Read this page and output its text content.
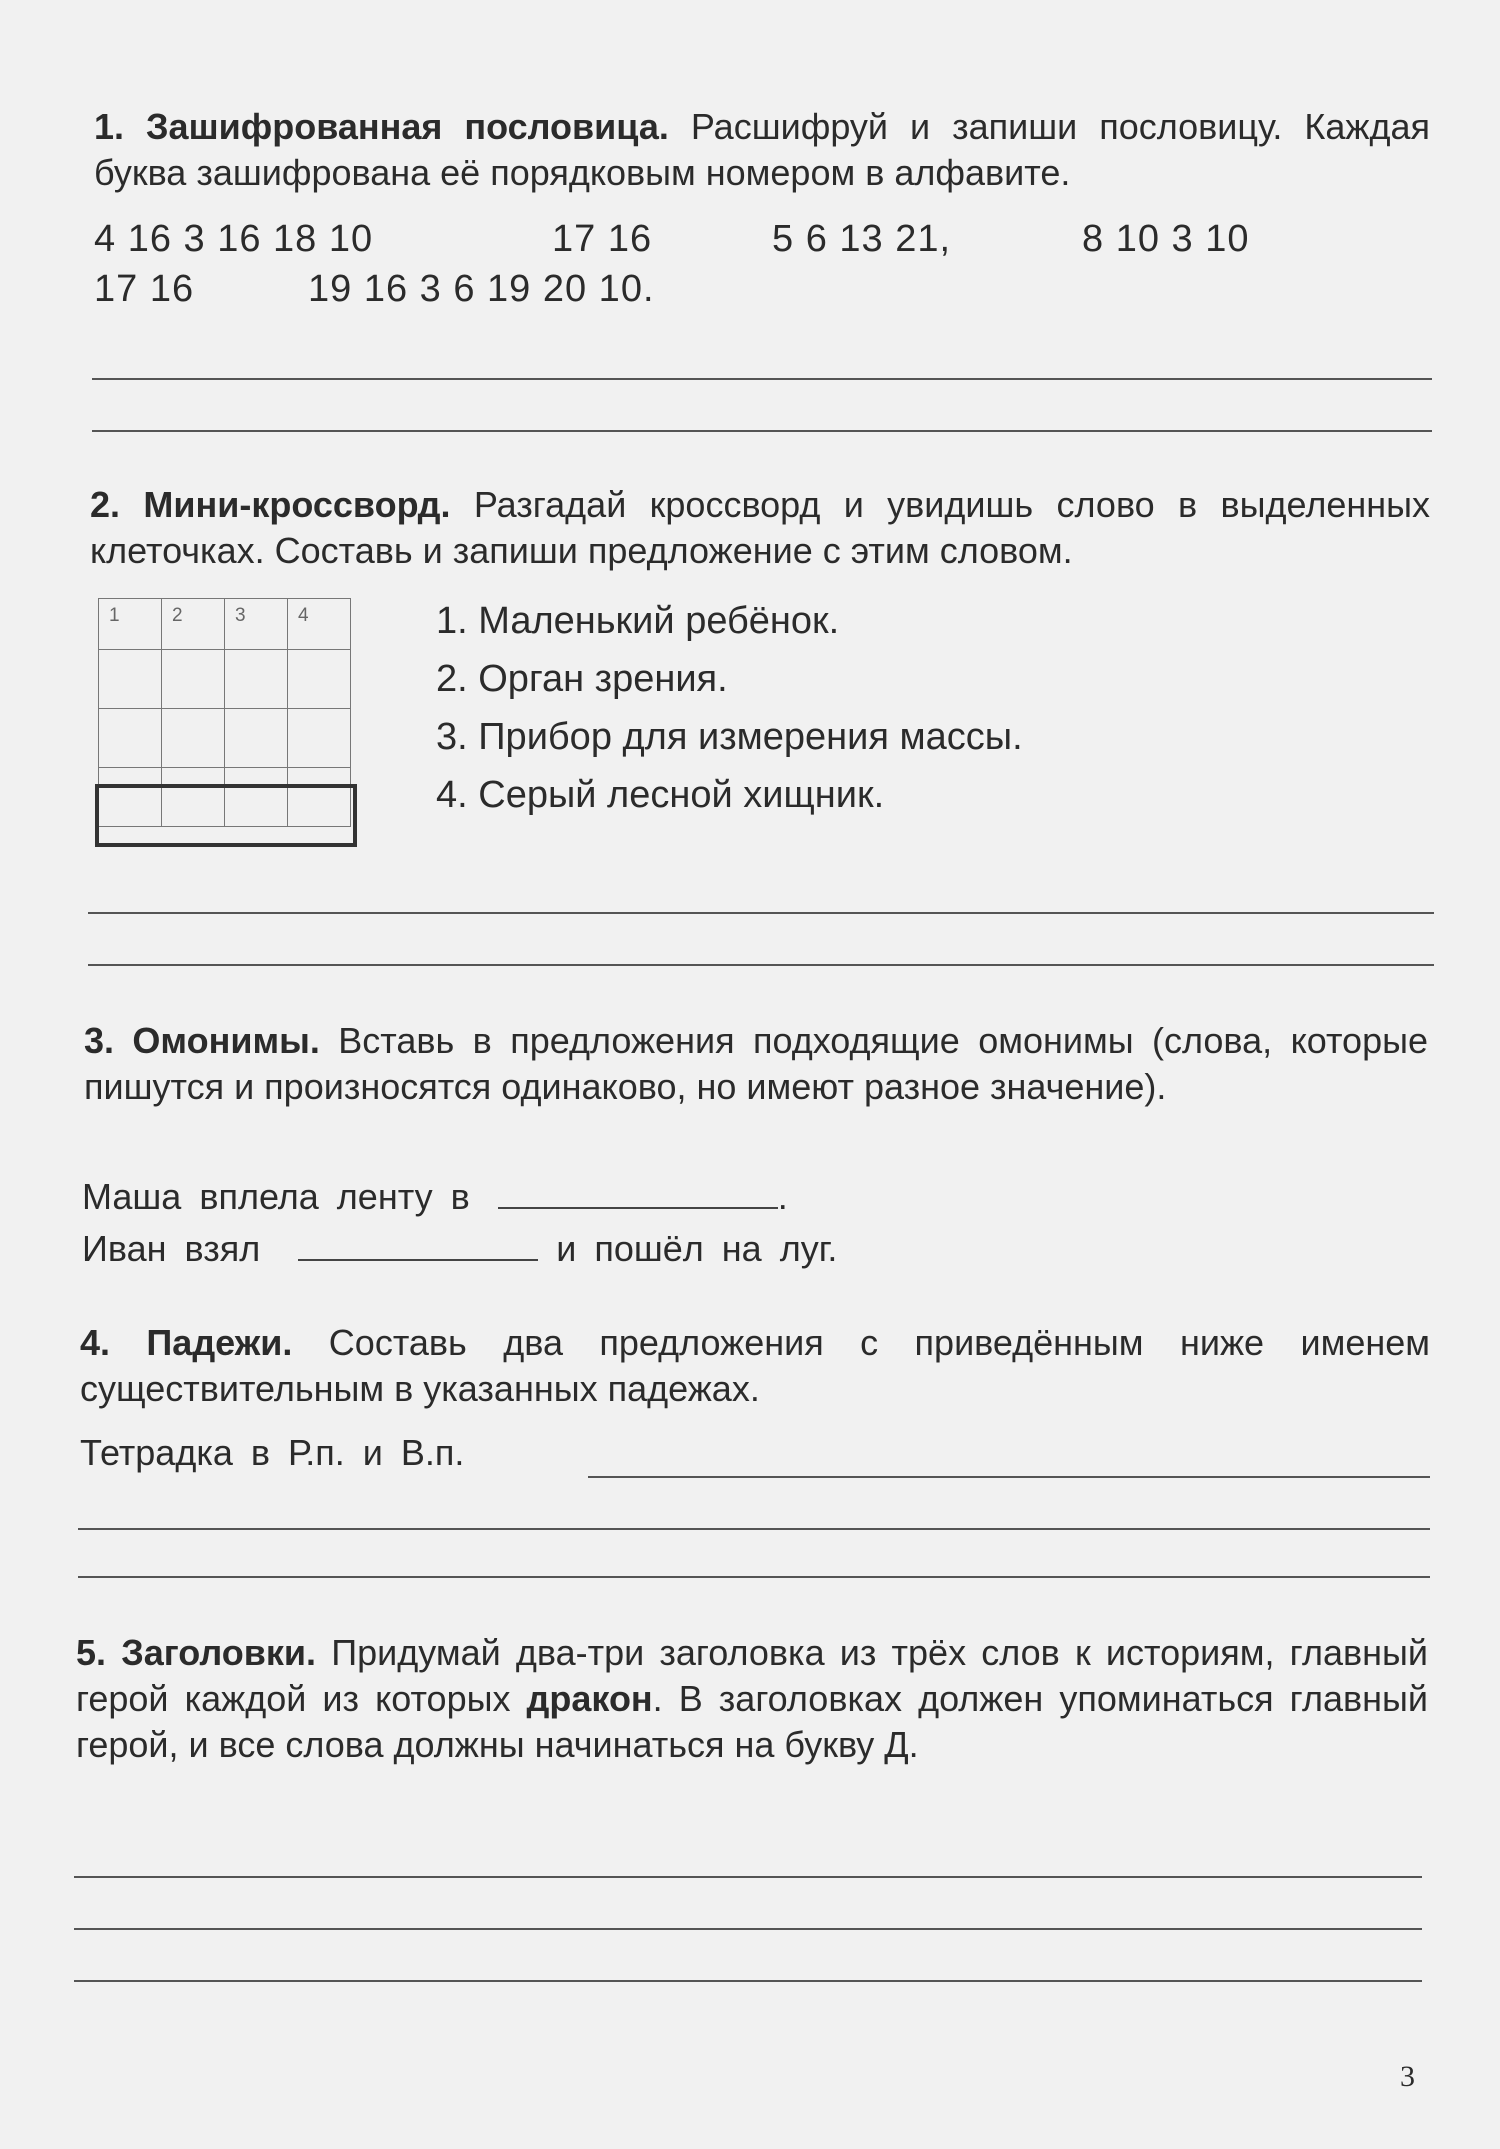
1. Зашифрованная пословица. Расшифруй и запиши пословицу. Каждая буква зашифрована её порядковым номером в алфавите.
4 16 3 16 18 10	17 16	5 6 13 21,	8 10 3 10
17 16	19 16 3 6 19 20 10.
2. Мини-кроссворд. Разгадай кроссворд и увидишь слово в выделенных клеточках. Составь и запиши предложение с этим словом.
1	2	3	4

				1. Маленький ребёнок.
2. Орган зрения.
3. Прибор для измерения массы.
4. Серый лесной хищник.
3. Омонимы. Вставь в предложения подходящие омонимы (слова, которые пишутся и произносятся одинаково, но имеют разное значение).
Маша вплела ленту в	.
Иван взял	и пошёл на луг.
4. Падежи. Составь два предложения с приведённым ниже именем существительным в указанных падежах.
Тетрадка в Р.п. и В.п.
5. Заголовки. Придумай два-три заголовка из трёх слов к историям, главный герой каждой из которых дракон. В заголовках должен упоминаться главный герой, и все слова должны начинаться на букву Д.
3
